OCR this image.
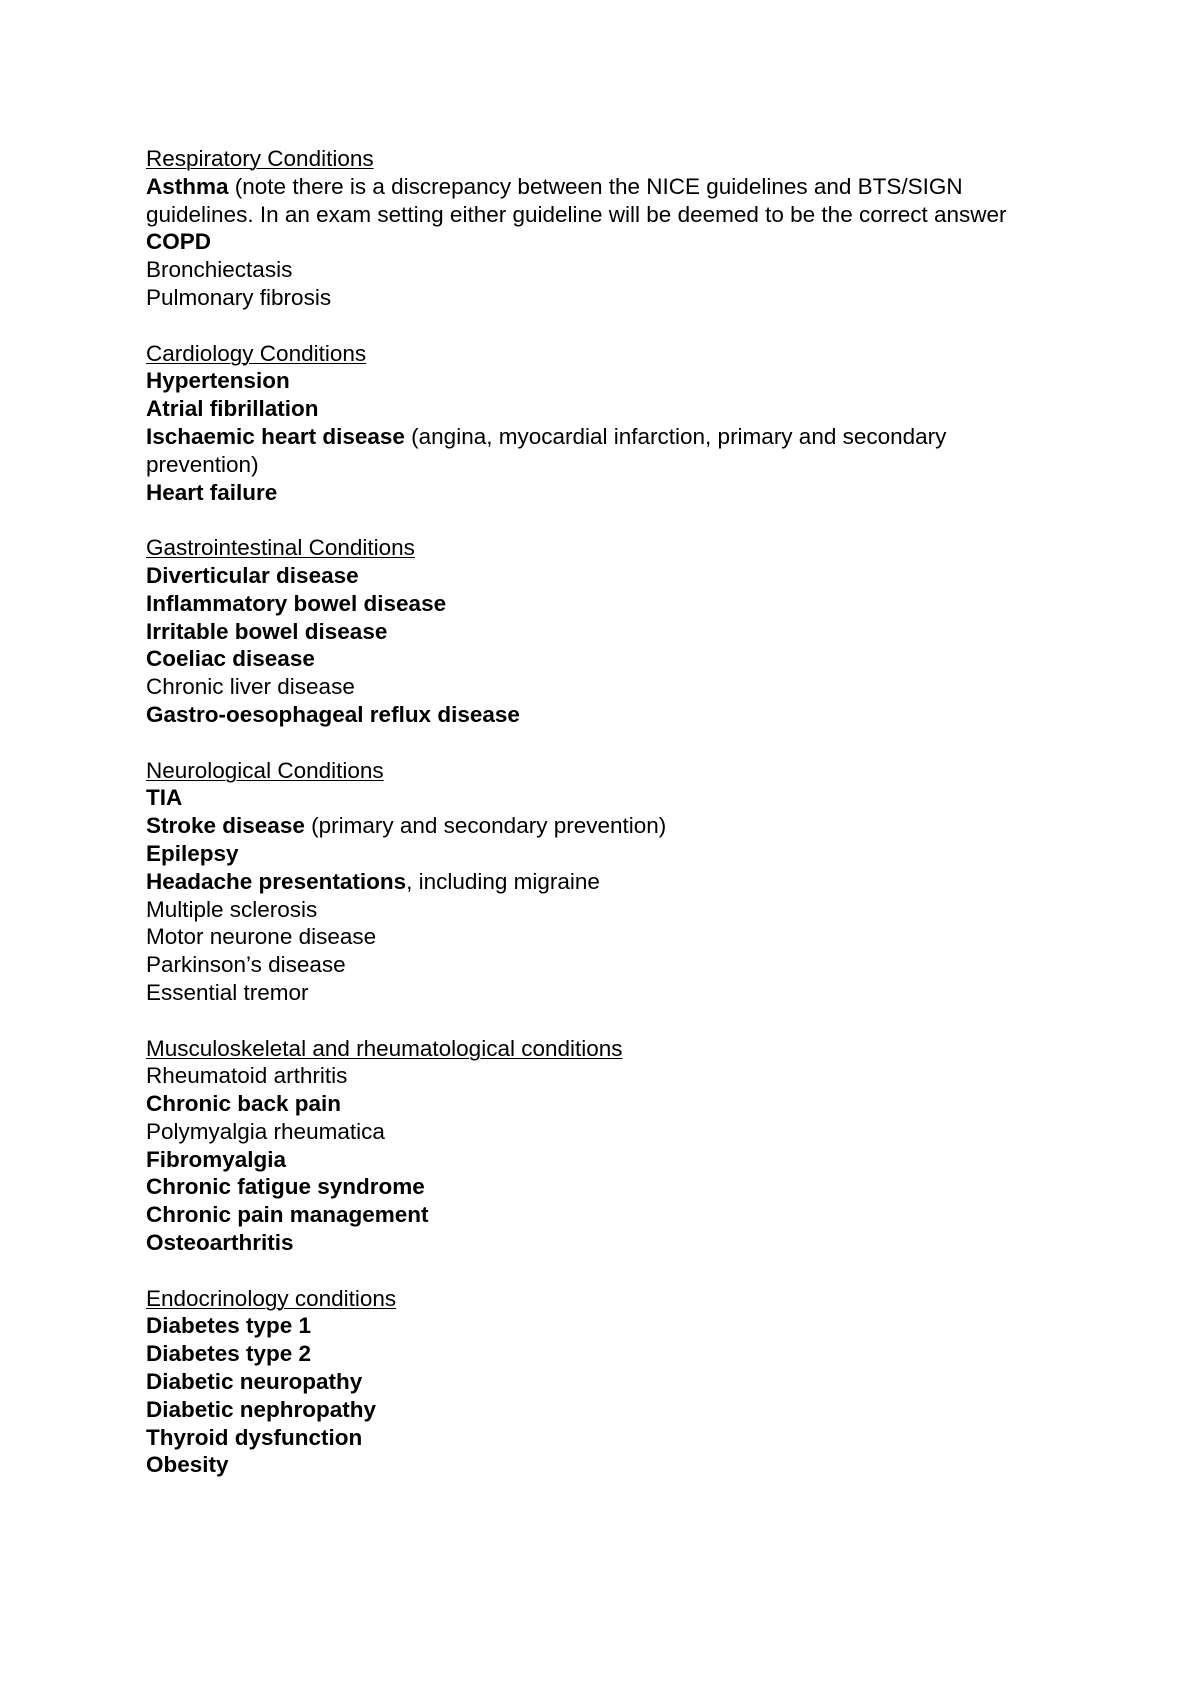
Respiratory Conditions
Asthma (note there is a discrepancy between the NICE guidelines and BTS/SIGN guidelines. In an exam setting either guideline will be deemed to be the correct answer
COPD
Bronchiectasis
Pulmonary fibrosis
Cardiology Conditions
Hypertension
Atrial fibrillation
Ischaemic heart disease (angina, myocardial infarction, primary and secondary prevention)
Heart failure
Gastrointestinal Conditions
Diverticular disease
Inflammatory bowel disease
Irritable bowel disease
Coeliac disease
Chronic liver disease
Gastro-oesophageal reflux disease
Neurological Conditions
TIA
Stroke disease (primary and secondary prevention)
Epilepsy
Headache presentations, including migraine
Multiple sclerosis
Motor neurone disease
Parkinson’s disease
Essential tremor
Musculoskeletal and rheumatological conditions
Rheumatoid arthritis
Chronic back pain
Polymyalgia rheumatica
Fibromyalgia
Chronic fatigue syndrome
Chronic pain management
Osteoarthritis
Endocrinology conditions
Diabetes type 1
Diabetes type 2
Diabetic neuropathy
Diabetic nephropathy
Thyroid dysfunction
Obesity
